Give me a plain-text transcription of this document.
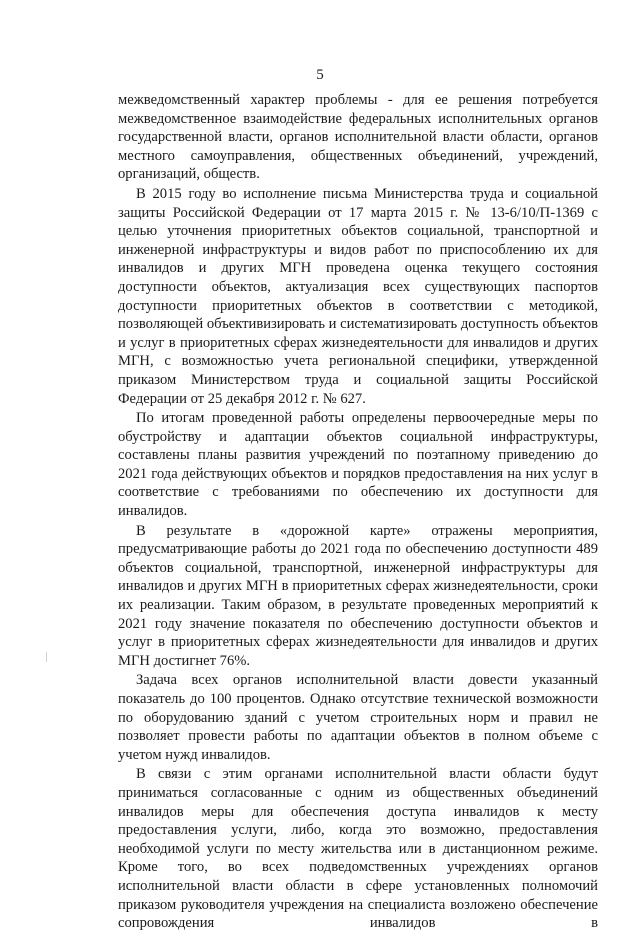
5

межведомственный характер проблемы - для ее решения потребуется межведомственное взаимодействие федеральных исполнительных органов государственной власти, органов исполнительной власти области, органов местного самоуправления, общественных объединений, учреждений, организаций, обществ.

В 2015 году во исполнение письма Министерства труда и социальной защиты Российской Федерации от 17 марта 2015 г. № 13-6/10/П-1369 с целью уточнения приоритетных объектов социальной, транспортной и инженерной инфраструктуры и видов работ по приспособлению их для инвалидов и других МГН проведена оценка текущего состояния доступности объектов, актуализация всех существующих паспортов доступности приоритетных объектов в соответствии с методикой, позволяющей объективизировать и систематизировать доступность объектов и услуг в приоритетных сферах жизнедеятельности для инвалидов и других МГН, с возможностью учета региональной специфики, утвержденной приказом Министерством труда и социальной защиты Российской Федерации от 25 декабря 2012 г. № 627.

По итогам проведенной работы определены первоочередные меры по обустройству и адаптации объектов социальной инфраструктуры, составлены планы развития учреждений по поэтапному приведению до 2021 года действующих объектов и порядков предоставления на них услуг в соответствие с требованиями по обеспечению их доступности для инвалидов.

В результате в «дорожной карте» отражены мероприятия, предусматривающие работы до 2021 года по обеспечению доступности 489 объектов социальной, транспортной, инженерной инфраструктуры для инвалидов и других МГН в приоритетных сферах жизнедеятельности, сроки их реализации. Таким образом, в результате проведенных мероприятий к 2021 году значение показателя по обеспечению доступности объектов и услуг в приоритетных сферах жизнедеятельности для инвалидов и других МГН достигнет 76%.

Задача всех органов исполнительной власти довести указанный показатель до 100 процентов. Однако отсутствие технической возможности по оборудованию зданий с учетом строительных норм и правил не позволяет провести работы по адаптации объектов в полном объеме с учетом нужд инвалидов.

В связи с этим органами исполнительной власти области будут приниматься согласованные с одним из общественных объединений инвалидов меры для обеспечения доступа инвалидов к месту предоставления услуги, либо, когда это возможно, предоставления необходимой услуги по месту жительства или в дистанционном режиме. Кроме того, во всех подведомственных учреждениях органов исполнительной власти области в сфере установленных полномочий приказом руководителя учреждения на специалиста возложено обеспечение сопровождения инвалидов в
